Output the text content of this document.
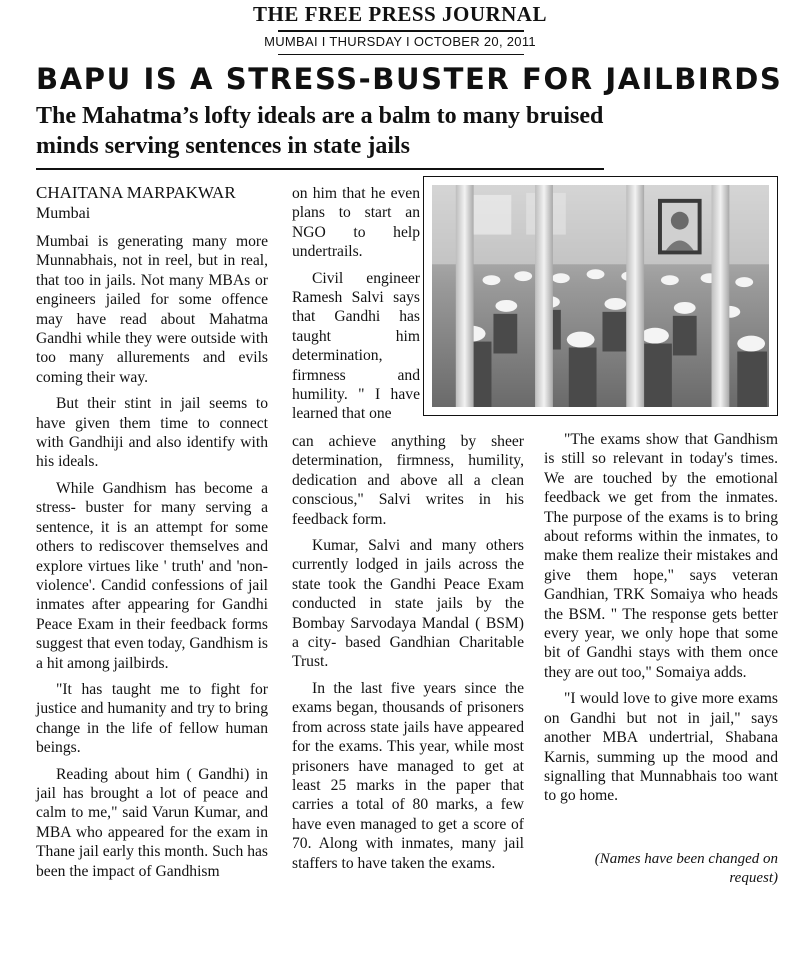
THE FREE PRESS JOURNAL
MUMBAI I THURSDAY I OCTOBER 20, 2011
BAPU IS A STRESS-BUSTER FOR JAILBIRDS
The Mahatma’s lofty ideals are a balm to many bruised minds serving sentences in state jails
CHAITANA MARPAKWAR
Mumbai

Mumbai is generating many more Munnabhais, not in reel, but in real, that too in jails. Not many MBAs or engineers jailed for some offence may have read about Mahatma Gandhi while they were outside with too many allurements and evils coming their way.

But their stint in jail seems to have given them time to connect with Gandhiji and also identify with his ideals.

While Gandhism has become a stress- buster for many serving a sentence, it is an attempt for some others to rediscover themselves and explore virtues like ' truth' and 'non-violence'. Candid confessions of jail inmates after appearing for Gandhi Peace Exam in their feedback forms suggest that even today, Gandhism is a hit among jailbirds.

"It has taught me to fight for justice and humanity and try to bring change in the life of fellow human beings.

Reading about him ( Gandhi) in jail has brought a lot of peace and calm to me," said Varun Kumar, and MBA who appeared for the exam in Thane jail early this month. Such has been the impact of Gandhism

on him that he even plans to start an NGO to help undertrails.

Civil engineer Ramesh Salvi says that Gandhi has taught him determination, firmness and humility. " I have learned that one

can achieve anything by sheer determination, firmness, humility, dedication and above all a clean conscious," Salvi writes in his feedback form.

Kumar, Salvi and many others currently lodged in jails across the state took the Gandhi Peace Exam conducted in state jails by the Bombay Sarvodaya Mandal ( BSM) a city- based Gandhian Charitable Trust.

In the last five years since the exams began, thousands of prisoners from across state jails have appeared for the exams. This year, while most prisoners have managed to get at least 25 marks in the paper that carries a total of 80 marks, a few have even managed to get a score of 70. Along with inmates, many jail staffers to have taken the exams.

"The exams show that Gandhism is still so relevant in today's times. We are touched by the emotional feedback we get from the inmates. The purpose of the exams is to bring about reforms within the inmates, to make them realize their mistakes and give them hope," says veteran Gandhian, TRK Somaiya who heads the BSM. " The response gets better every year, we only hope that some bit of Gandhi stays with them once they are out too," Somaiya adds.

"I would love to give more exams on Gandhi but not in jail," says another MBA undertrial, Shabana Karnis, summing up the mood and signalling that Munnabhais too want to go home.

(Names have been changed on request)
